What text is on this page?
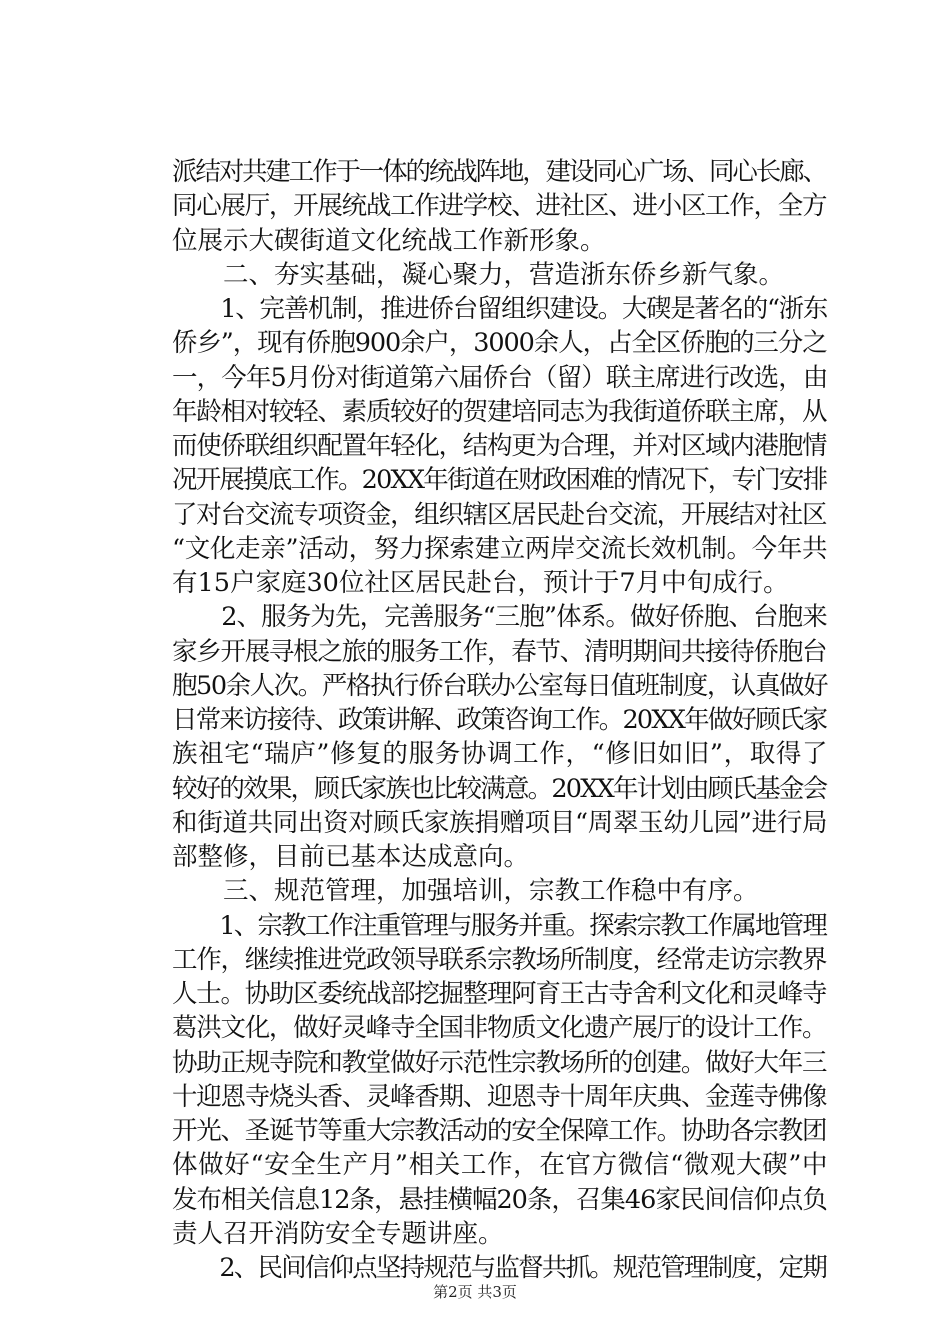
派结对共建工作于一体的统战阵地，建设同心广场、同心长廊、
同心展厅，开展统战工作进学校、进社区、进小区工作，全方
位展示大碶街道文化统战工作新形象。
　　二、夯实基础，凝心聚力，营造浙东侨乡新气象。
　　1、完善机制，推进侨台留组织建设。大碶是著名的“浙东
侨乡”，现有侨胞900余户，3000余人，占全区侨胞的三分之
一，今年5月份对街道第六届侨台（留）联主席进行改选，由
年龄相对较轻、素质较好的贺建培同志为我街道侨联主席，从
而使侨联组织配置年轻化，结构更为合理，并对区域内港胞情
况开展摸底工作。20XX年街道在财政困难的情况下，专门安排
了对台交流专项资金，组织辖区居民赴台交流，开展结对社区
“文化走亲”活动，努力探索建立两岸交流长效机制。今年共
有15户家庭30位社区居民赴台，预计于7月中旬成行。
　　2、服务为先，完善服务“三胞”体系。做好侨胞、台胞来
家乡开展寻根之旅的服务工作，春节、清明期间共接待侨胞台
胞50余人次。严格执行侨台联办公室每日值班制度，认真做好
日常来访接待、政策讲解、政策咨询工作。20XX年做好顾氏家
族祖宅“瑞庐”修复的服务协调工作，“修旧如旧”，取得了
较好的效果，顾氏家族也比较满意。20XX年计划由顾氏基金会
和街道共同出资对顾氏家族捐赠项目“周翠玉幼儿园”进行局
部整修，目前已基本达成意向。
　　三、规范管理，加强培训，宗教工作稳中有序。
　　1、宗教工作注重管理与服务并重。探索宗教工作属地管理
工作，继续推进党政领导联系宗教场所制度，经常走访宗教界
人士。协助区委统战部挖掘整理阿育王古寺舍利文化和灵峰寺
葛洪文化，做好灵峰寺全国非物质文化遗产展厅的设计工作。
协助正规寺院和教堂做好示范性宗教场所的创建。做好大年三
十迎恩寺烧头香、灵峰香期、迎恩寺十周年庆典、金莲寺佛像
开光、圣诞节等重大宗教活动的安全保障工作。协助各宗教团
体做好“安全生产月”相关工作，在官方微信“微观大碶”中
发布相关信息12条，悬挂横幅20条，召集46家民间信仰点负
责人召开消防安全专题讲座。
　　2、民间信仰点坚持规范与监督共抓。规范管理制度，定期
第2页 共3页
